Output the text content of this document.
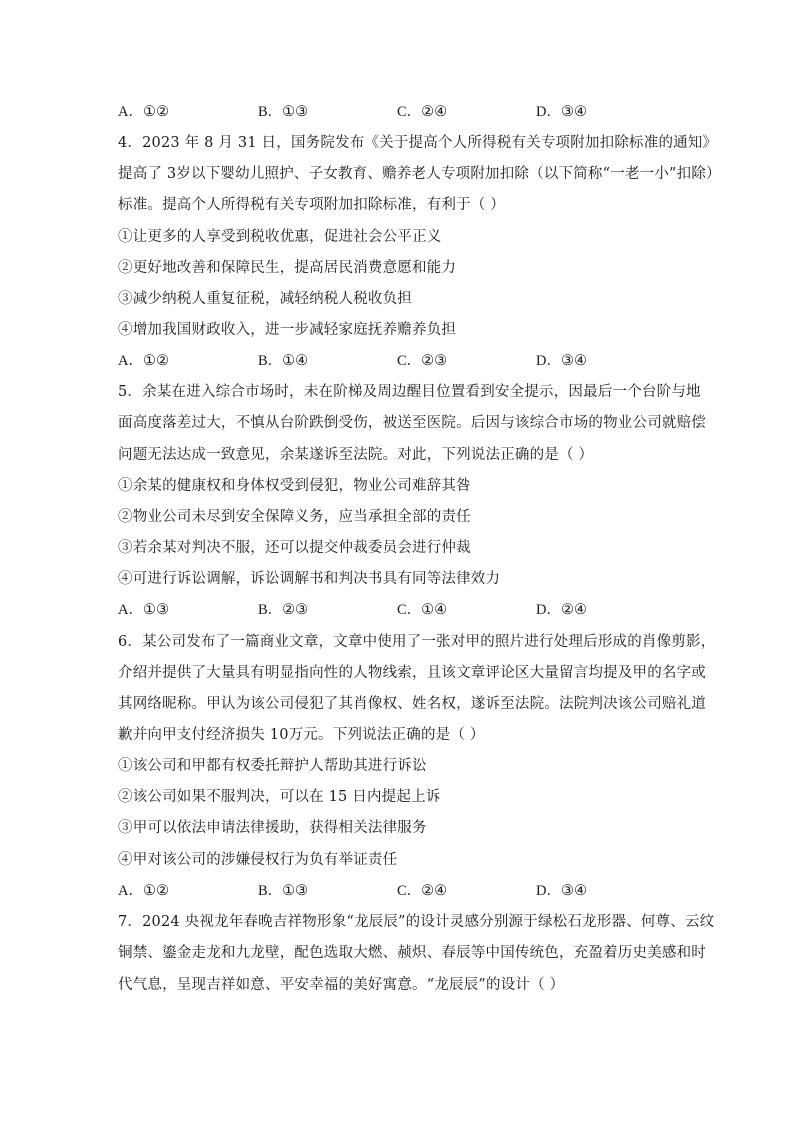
A．①②	B．①③	C．②④	D．③④
4．2023 年 8 月 31 日，国务院发布《关于提高个人所得税有关专项附加扣除标准的通知》
提高了 3岁以下婴幼儿照护、子女教育、赡养老人专项附加扣除（以下简称“一老一小”扣除）
标准。提高个人所得税有关专项附加扣除标准，有利于（ ）
①让更多的人享受到税收优惠，促进社会公平正义
②更好地改善和保障民生，提高居民消费意愿和能力
③减少纳税人重复征税，减轻纳税人税收负担
④增加我国财政收入，进一步减轻家庭抚养赡养负担
A．①②	B．①④	C．②③	D．③④
5．余某在进入综合市场时，未在阶梯及周边醒目位置看到安全提示，因最后一个台阶与地
面高度落差过大，不慎从台阶跌倒受伤，被送至医院。后因与该综合市场的物业公司就赔偿
问题无法达成一致意见，余某遂诉至法院。对此，下列说法正确的是（ ）
①余某的健康权和身体权受到侵犯，物业公司难辞其咎
②物业公司未尽到安全保障义务，应当承担全部的责任
③若余某对判决不服，还可以提交仲裁委员会进行仲裁
④可进行诉讼调解，诉讼调解书和判决书具有同等法律效力
A．①③	B．②③	C．①④	D．②④
6．某公司发布了一篇商业文章，文章中使用了一张对甲的照片进行处理后形成的肖像剪影，
介绍并提供了大量具有明显指向性的人物线索，且该文章评论区大量留言均提及甲的名字或
其网络昵称。甲认为该公司侵犯了其肖像权、姓名权，遂诉至法院。法院判决该公司赔礼道
歉并向甲支付经济损失 10万元。下列说法正确的是（ ）
①该公司和甲都有权委托辩护人帮助其进行诉讼
②该公司如果不服判决，可以在 15 日内提起上诉
③甲可以依法申请法律援助，获得相关法律服务
④甲对该公司的涉嫌侵权行为负有举证责任
A．①②	B．①③	C．②④	D．③④
7．2024 央视龙年春晚吉祥物形象“龙辰辰”的设计灵感分别源于绿松石龙形器、何尊、云纹
铜禁、鎏金走龙和九龙壁，配色选取大燃、赪炽、春辰等中国传统色，充盈着历史美感和时
代气息，呈现吉祥如意、平安幸福的美好寓意。“龙辰辰”的设计（ ）
